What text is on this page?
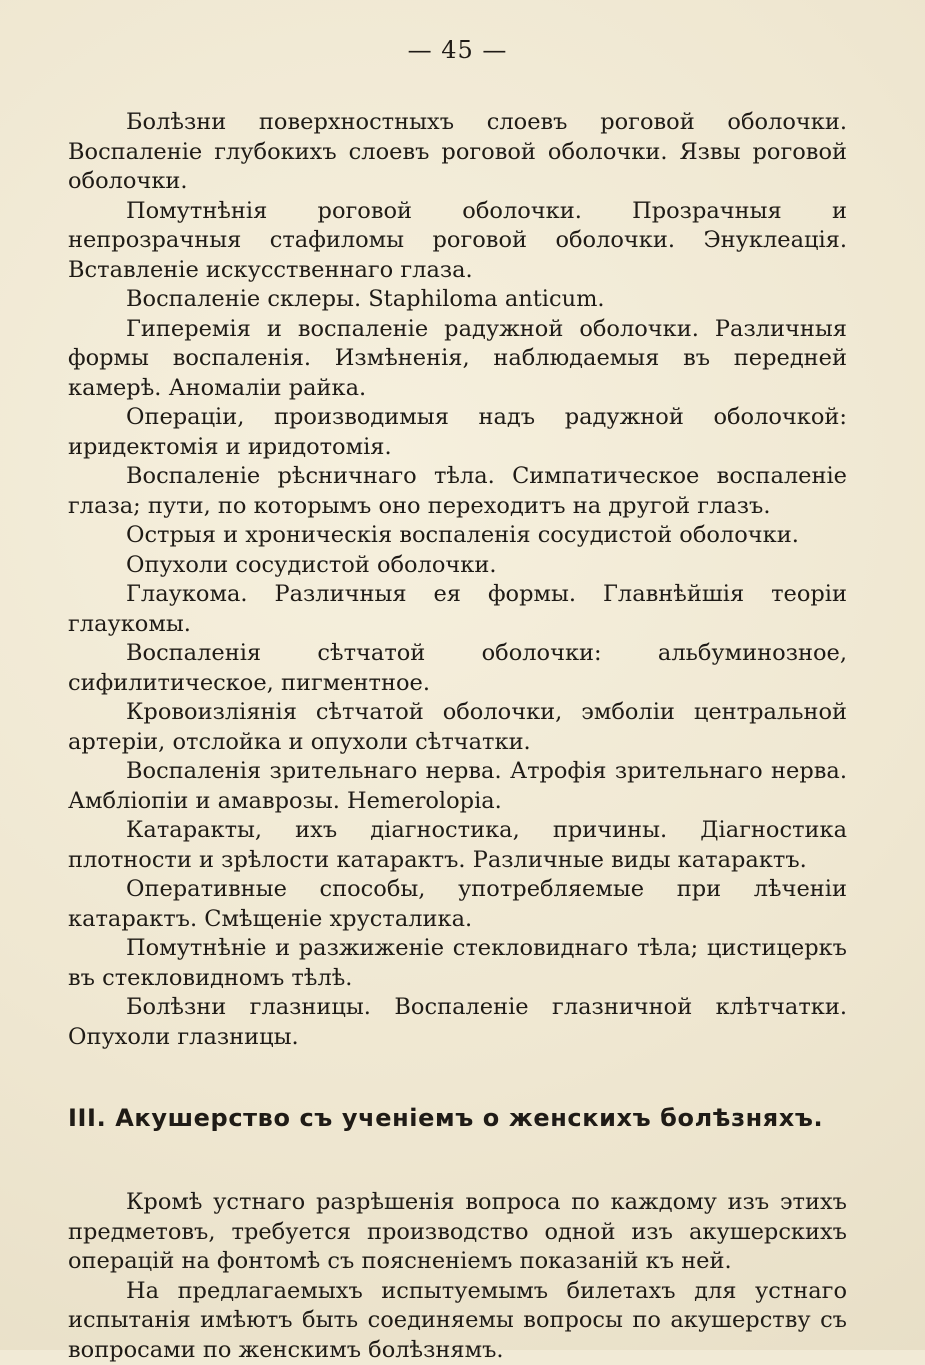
— 45 —

Болѣзни поверхностныхъ слоевъ роговой оболочки. Воспаленіе глубокихъ слоевъ роговой оболочки. Язвы роговой оболочки.

Помутнѣнія роговой оболочки. Прозрачныя и непрозрачныя стафиломы роговой оболочки. Энуклеація. Вставленіе искусственнаго глаза.

Воспаленіе склеры. Staphiloma anticum.

Гиперемія и воспаленіе радужной оболочки. Различныя формы воспаленія. Измѣненія, наблюдаемыя въ передней камерѣ. Аномаліи райка.

Операціи, производимыя надъ радужной оболочкой: иридектомія и иридотомія.

Воспаленіе рѣсничнаго тѣла. Симпатическое воспаленіе глаза; пути, по которымъ оно переходитъ на другой глазъ.

Острыя и хроническія воспаленія сосудистой оболочки.

Опухоли сосудистой оболочки.

Глаукома. Различныя ея формы. Главнѣйшія теоріи глаукомы.

Воспаленія сѣтчатой оболочки: альбуминозное, сифилитическое, пигментное.

Кровоизліянія сѣтчатой оболочки, эмболіи центральной артеріи, отслойка и опухоли сѣтчатки.

Воспаленія зрительнаго нерва. Атрофія зрительнаго нерва. Амбліопіи и амаврозы. Hemeroloрia.

Катаракты, ихъ діагностика, причины. Діагностика плотности и зрѣлости катарактъ. Различные виды катарактъ.

Оперативные способы, употребляемые при лѣченіи катарактъ. Смѣщеніе хрусталика.

Помутнѣніе и разжиженіе стекловиднаго тѣла; цистицеркъ въ стекловидномъ тѣлѣ.

Болѣзни глазницы. Воспаленіе глазничной клѣтчатки. Опухоли глазницы.

III. Акушерство съ ученіемъ о женскихъ болѣзняхъ.

Кромѣ устнаго разрѣшенія вопроса по каждому изъ этихъ предметовъ, требуется производство одной изъ акушерскихъ операцій на фонтомѣ съ поясненіемъ показаній къ ней.

На предлагаемыхъ испытуемымъ билетахъ для устнаго испытанія имѣютъ быть соединяемы вопросы по акушерству съ вопросами по женскимъ болѣзнямъ.
